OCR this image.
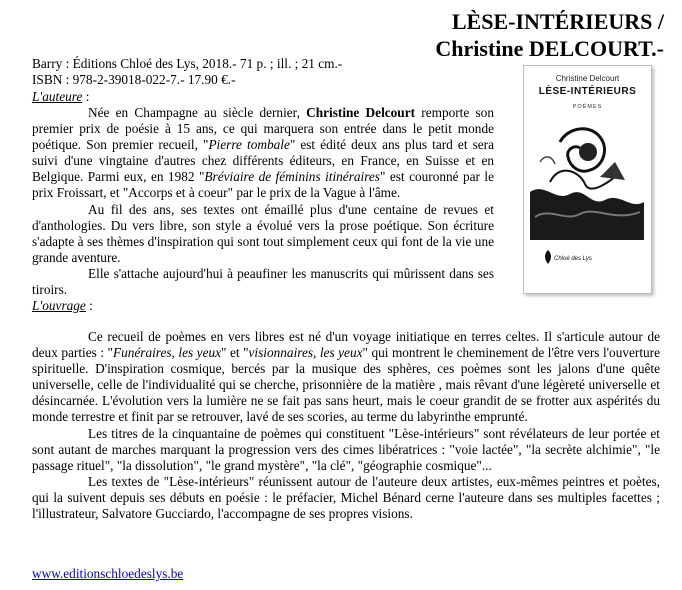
LÈSE-INTÉRIEURS /
Christine DELCOURT.-
Barry : Éditions Chloé des Lys, 2018.- 71 p. ; ill. ; 21 cm.-
ISBN : 978-2-39018-022-7.- 17.90 €.-
L'auteure :

Née en Champagne au siècle dernier, Christine Delcourt remporte son premier prix de poésie à 15 ans, ce qui marquera son entrée dans le petit monde poétique. Son premier recueil, "Pierre tombale" est édité deux ans plus tard et sera suivi d'une vingtaine d'autres chez différents éditeurs, en France, en Suisse et en Belgique. Parmi eux, en 1982 "Bréviaire de féminins itinéraires" est couronné par le prix Froissart, et "Accorps et à coeur" par le prix de la Vague à l'âme.

Au fil des ans, ses textes ont émaillé plus d'une centaine de revues et d'anthologies. Du vers libre, son style a évolué vers la prose poétique. Son écriture s'adapte à ses thèmes d'inspiration qui sont tout simplement ceux qui font de la vie une grande aventure.

Elle s'attache aujourd'hui à peaufiner les manuscrits qui mûrissent dans ses tiroirs.

L'ouvrage :

Ce recueil de poèmes en vers libres est né d'un voyage initiatique en terres celtes. Il s'articule autour de deux parties : "Funéraires, les yeux" et "visionnaires, les yeux" qui montrent le cheminement de l'être vers l'ouverture spirituelle. D'inspiration cosmique, bercés par la musique des sphères, ces poèmes sont les jalons d'une quête universelle, celle de l'individualité qui se cherche, prisonnière de la matière , mais rêvant d'une légèreté universelle et désincarnée. L'évolution vers la lumière ne se fait pas sans heurt, mais le coeur grandit de se frotter aux aspérités du monde terrestre et finit par se retrouver, lavé de ses scories, au terme du labyrinthe emprunté.

Les titres de la cinquantaine de poèmes qui constituent "Lèse-intérieurs" sont révélateurs de leur portée et sont autant de marches marquant la progression vers des cimes libératrices : "voie lactée", "la secrète alchimie", "le passage rituel", "la dissolution", "le grand mystère", "la clé", "géographie cosmique"...

Les textes de "Lèse-intérieurs" réunissent autour de l'auteure deux artistes, eux-mêmes peintres et poètes, qui la suivent depuis ses débuts en poésie : le préfacier, Michel Bénard cerne l'auteure dans ses multiples facettes ; l'illustrateur, Salvatore Gucciardo, l'accompagne de ses propres visions.

Christine Delcourt
LÈSE-INTÉRIEURS
POÈMES
Chloé des Lys
www.editionschloedeslys.be
